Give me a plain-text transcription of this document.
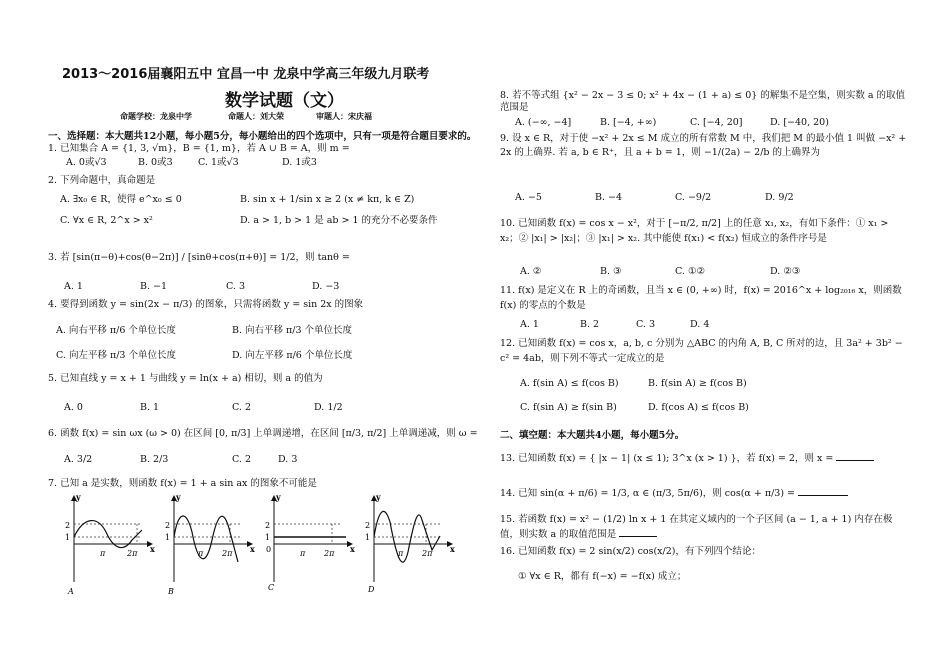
2013～2016届襄阳五中 宜昌一中 龙泉中学高三年级九月联考
数学试题（文）
命题学校：龙泉中学	命题人：刘大荣	审题人：宋庆福
一、选择题：本大题共12小题，每小题5分，每小题给出的四个选项中，只有一项是符合题目要求的。
1. 已知集合 A = {1, 3, √m}，B = {1, m}，若 A ∪ B = A，则 m =
A. 0或√3	B. 0或3	C. 1或√3	D. 1或3
2. 下列命题中，真命题是
A. ∃x₀ ∈ R，使得 e^x₀ ≤ 0	B. sin x + 1/sin x ≥ 2 (x ≠ kπ, k ∈ Z)
C. ∀x ∈ R, 2^x > x²	D. a > 1, b > 1 是 ab > 1 的充分不必要条件
3. 若 [sin(π−θ)+cos(θ−2π)] / [sinθ+cos(π+θ)] = 1/2，则 tanθ =
A. 1	B. −1	C. 3	D. −3
4. 要得到函数 y = sin(2x − π/3) 的图象，只需将函数 y = sin 2x 的图象
A. 向右平移 π/6 个单位长度	B. 向右平移 π/3 个单位长度
C. 向左平移 π/3 个单位长度	D. 向左平移 π/6 个单位长度
5. 已知直线 y = x + 1 与曲线 y = ln(x + a) 相切，则 a 的值为
A. 0	B. 1	C. 2	D. 1/2
6. 函数 f(x) = sin ωx (ω > 0) 在区间 [0, π/3] 上单调递增，在区间 [π/3, π/2] 上单调递减，则 ω =
A. 3/2	B. 2/3	C. 2	D. 3
7. 已知 a 是实数，则函数 f(x) = 1 + a sin ax 的图象不可能是
2
1
π	2π
y
x
A
2
1
π 2π
y
x
B
2
1
0	π 2π
y
x
C
2
1
π 2π
y
x
D
8. 若不等式组 {x² − 2x − 3 ≤ 0; x² + 4x − (1 + a) ≤ 0} 的解集不是空集，则实数 a 的取值范围是
A. (−∞, −4]	B. [−4, +∞)	C. [−4, 20]	D. [−40, 20)
9. 设 x ∈ R，对于使 −x² + 2x ≤ M 成立的所有常数 M 中，我们把 M 的最小值 1 叫做 −x² + 2x 的上确界. 若 a, b ∈ R⁺，且 a + b = 1，则 −1/(2a) − 2/b 的上确界为
A. −5	B. −4	C. −9/2	D. 9/2
10. 已知函数 f(x) = cos x − x²，对于 [−π/2, π/2] 上的任意 x₁, x₂，有如下条件：① x₁ > x₂；② |x₁| > |x₂|；③ |x₁| > x₂. 其中能使 f(x₁) < f(x₂) 恒成立的条件序号是
A. ②	B. ③	C. ①②	D. ②③
11. f(x) 是定义在 R 上的奇函数，且当 x ∈ (0, +∞) 时，f(x) = 2016^x + log₂₀₁₆ x，则函数 f(x) 的零点的个数是
A. 1	B. 2	C. 3	D. 4
12. 已知函数 f(x) = cos x，a, b, c 分别为 △ABC 的内角 A, B, C 所对的边，且 3a² + 3b² − c² = 4ab，则下列不等式一定成立的是
A. f(sin A) ≤ f(cos B)	B. f(sin A) ≥ f(cos B)
C. f(sin A) ≥ f(sin B)	D. f(cos A) ≤ f(cos B)
二、填空题：本大题共4小题，每小题5分。
13. 已知函数 f(x) = { |x − 1| (x ≤ 1); 3^x (x > 1) }，若 f(x) = 2，则 x =
14. 已知 sin(α + π/6) = 1/3, α ∈ (π/3, 5π/6)，则 cos(α + π/3) =
15. 若函数 f(x) = x² − (1/2) ln x + 1 在其定义域内的一个子区间 (a − 1, a + 1) 内存在极值，则实数 a 的取值范围是
16. 已知函数 f(x) = 2 sin(x/2) cos(x/2)，有下列四个结论：
① ∀x ∈ R，都有 f(−x) = −f(x) 成立；
